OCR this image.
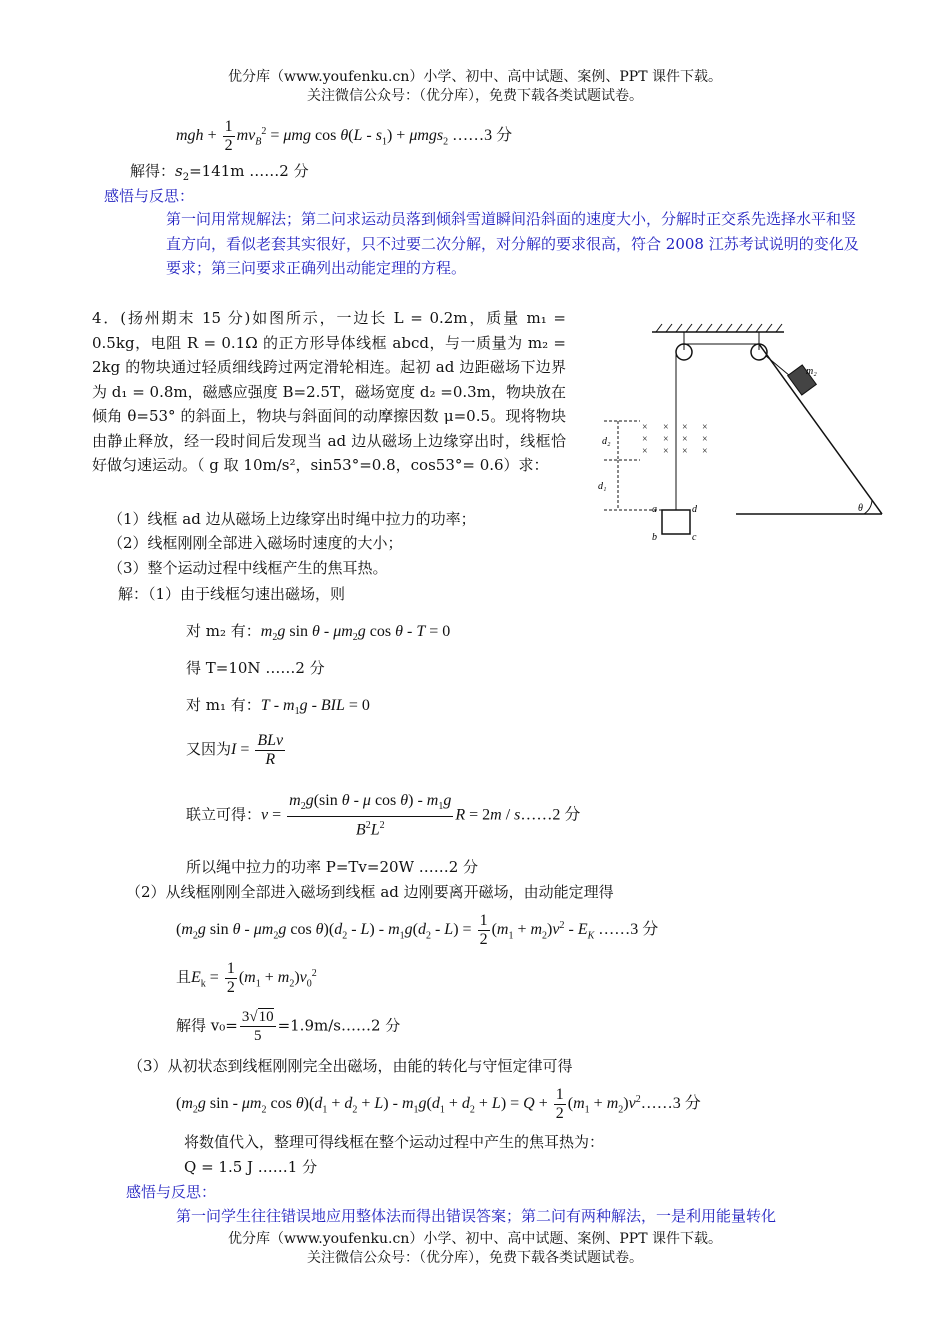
优分库（www.youfenku.cn）小学、初中、高中试题、案例、PPT 课件下载。
关注微信公众号：（优分库），免费下载各类试题试卷。
mgh + $\frac{1}{2} mv_B^2 = \mu mg$ $\cos \theta(L - s_1) + \mu mgs_2$ ……3 分
解得：$s_2=141m$ ……2 分
感悟与反思：
第一问用常规解法；第二问求运动员落到倾斜雪道瞬间沿斜面的速度大小，分解时正交系先选择水平和竖直方向，看似老套其实很好，只不过要二次分解，对分解的要求很高，符合 2008 江苏考试说明的变化及要求；第三问要求正确列出动能定理的方程。
4．(扬州期末 15 分)如图所示，一边长 L = 0.2m，质量 m₁ = 0.5kg，电阻 R = 0.1Ω 的正方形导体线框 abcd，与一质量为 m₂ = 2kg 的物块通过轻质细线跨过两定滑轮相连。起初 ad 边距磁场下边界为 d₁ = 0.8m，磁感应强度 B=2.5T，磁场宽度 d₂ =0.3m，物块放在倾角 θ=53° 的斜面上，物块与斜面间的动摩擦因数 μ=0.5。现将物块由静止释放，经一段时间后发现当 ad 边从磁场上边缘穿出时，线框恰好做匀速运动。（ g 取 10m/s²，sin53°=0.8，cos53°= 0.6）求：
（1）线框 ad 边从磁场上边缘穿出时绳中拉力的功率；
（2）线框刚刚全部进入磁场时速度的大小；
（3）整个运动过程中线框产生的焦耳热。
θ
m₂
× × × ×
× × × ×
× × × ×
d₂
d₁
a	d
b	c
解：（1）由于线框匀速出磁场，则
对 m₂ 有：$m_2g$ sin θ - $\mu m_2g$ cos θ - T = 0
得 T=10N ……2 分
对 m₁ 有：T - $m_1g$ - BIL = 0
又因为$I = \frac{\text{BLv}}{R}$
联立可得：$v = \frac{m_2g(\sin \theta - \mu \cos \theta) - m_1g}{B^2L^2}$ R = 2m / s……2 分
所以绳中拉力的功率 P=Tv=20W ……2 分
（2）从线框刚刚全部进入磁场到线框 ad 边刚要离开磁场，由动能定理得
($m_2g$ sin θ - $\mu m_2g$ $\cos \theta)(d_2 - L) - m_1g(d_2 - L) = \frac{1}{2} (m_1 + m_2)v^2 - E_K$ ……3 分
且$E_k = \frac{1}{2} (m_1 + m_2)v_0^2$
解得 $v_0= \frac{3√10}{5}$ =1.9m/s……2 分
（3）从初状态到线框刚刚完全出磁场，由能的转化与守恒定律可得
($m_2g$ sin - $\mu m_2$ $\cos \theta)(d_1 + d_2 + L) - m_1g(d_1 + d_2 + L) = Q + \frac{1}{2} (m_1$ + $m_2)v^2\dots\dots 3$ 分
将数值代入，整理可得线框在整个运动过程中产生的焦耳热为：
Q = 1.5 J ……1 分
感悟与反思：
第一问学生往往错误地应用整体法而得出错误答案；第二问有两种解法，一是利用能量转化
优分库（www.youfenku.cn）小学、初中、高中试题、案例、PPT 课件下载。
关注微信公众号：（优分库），免费下载各类试题试卷。
